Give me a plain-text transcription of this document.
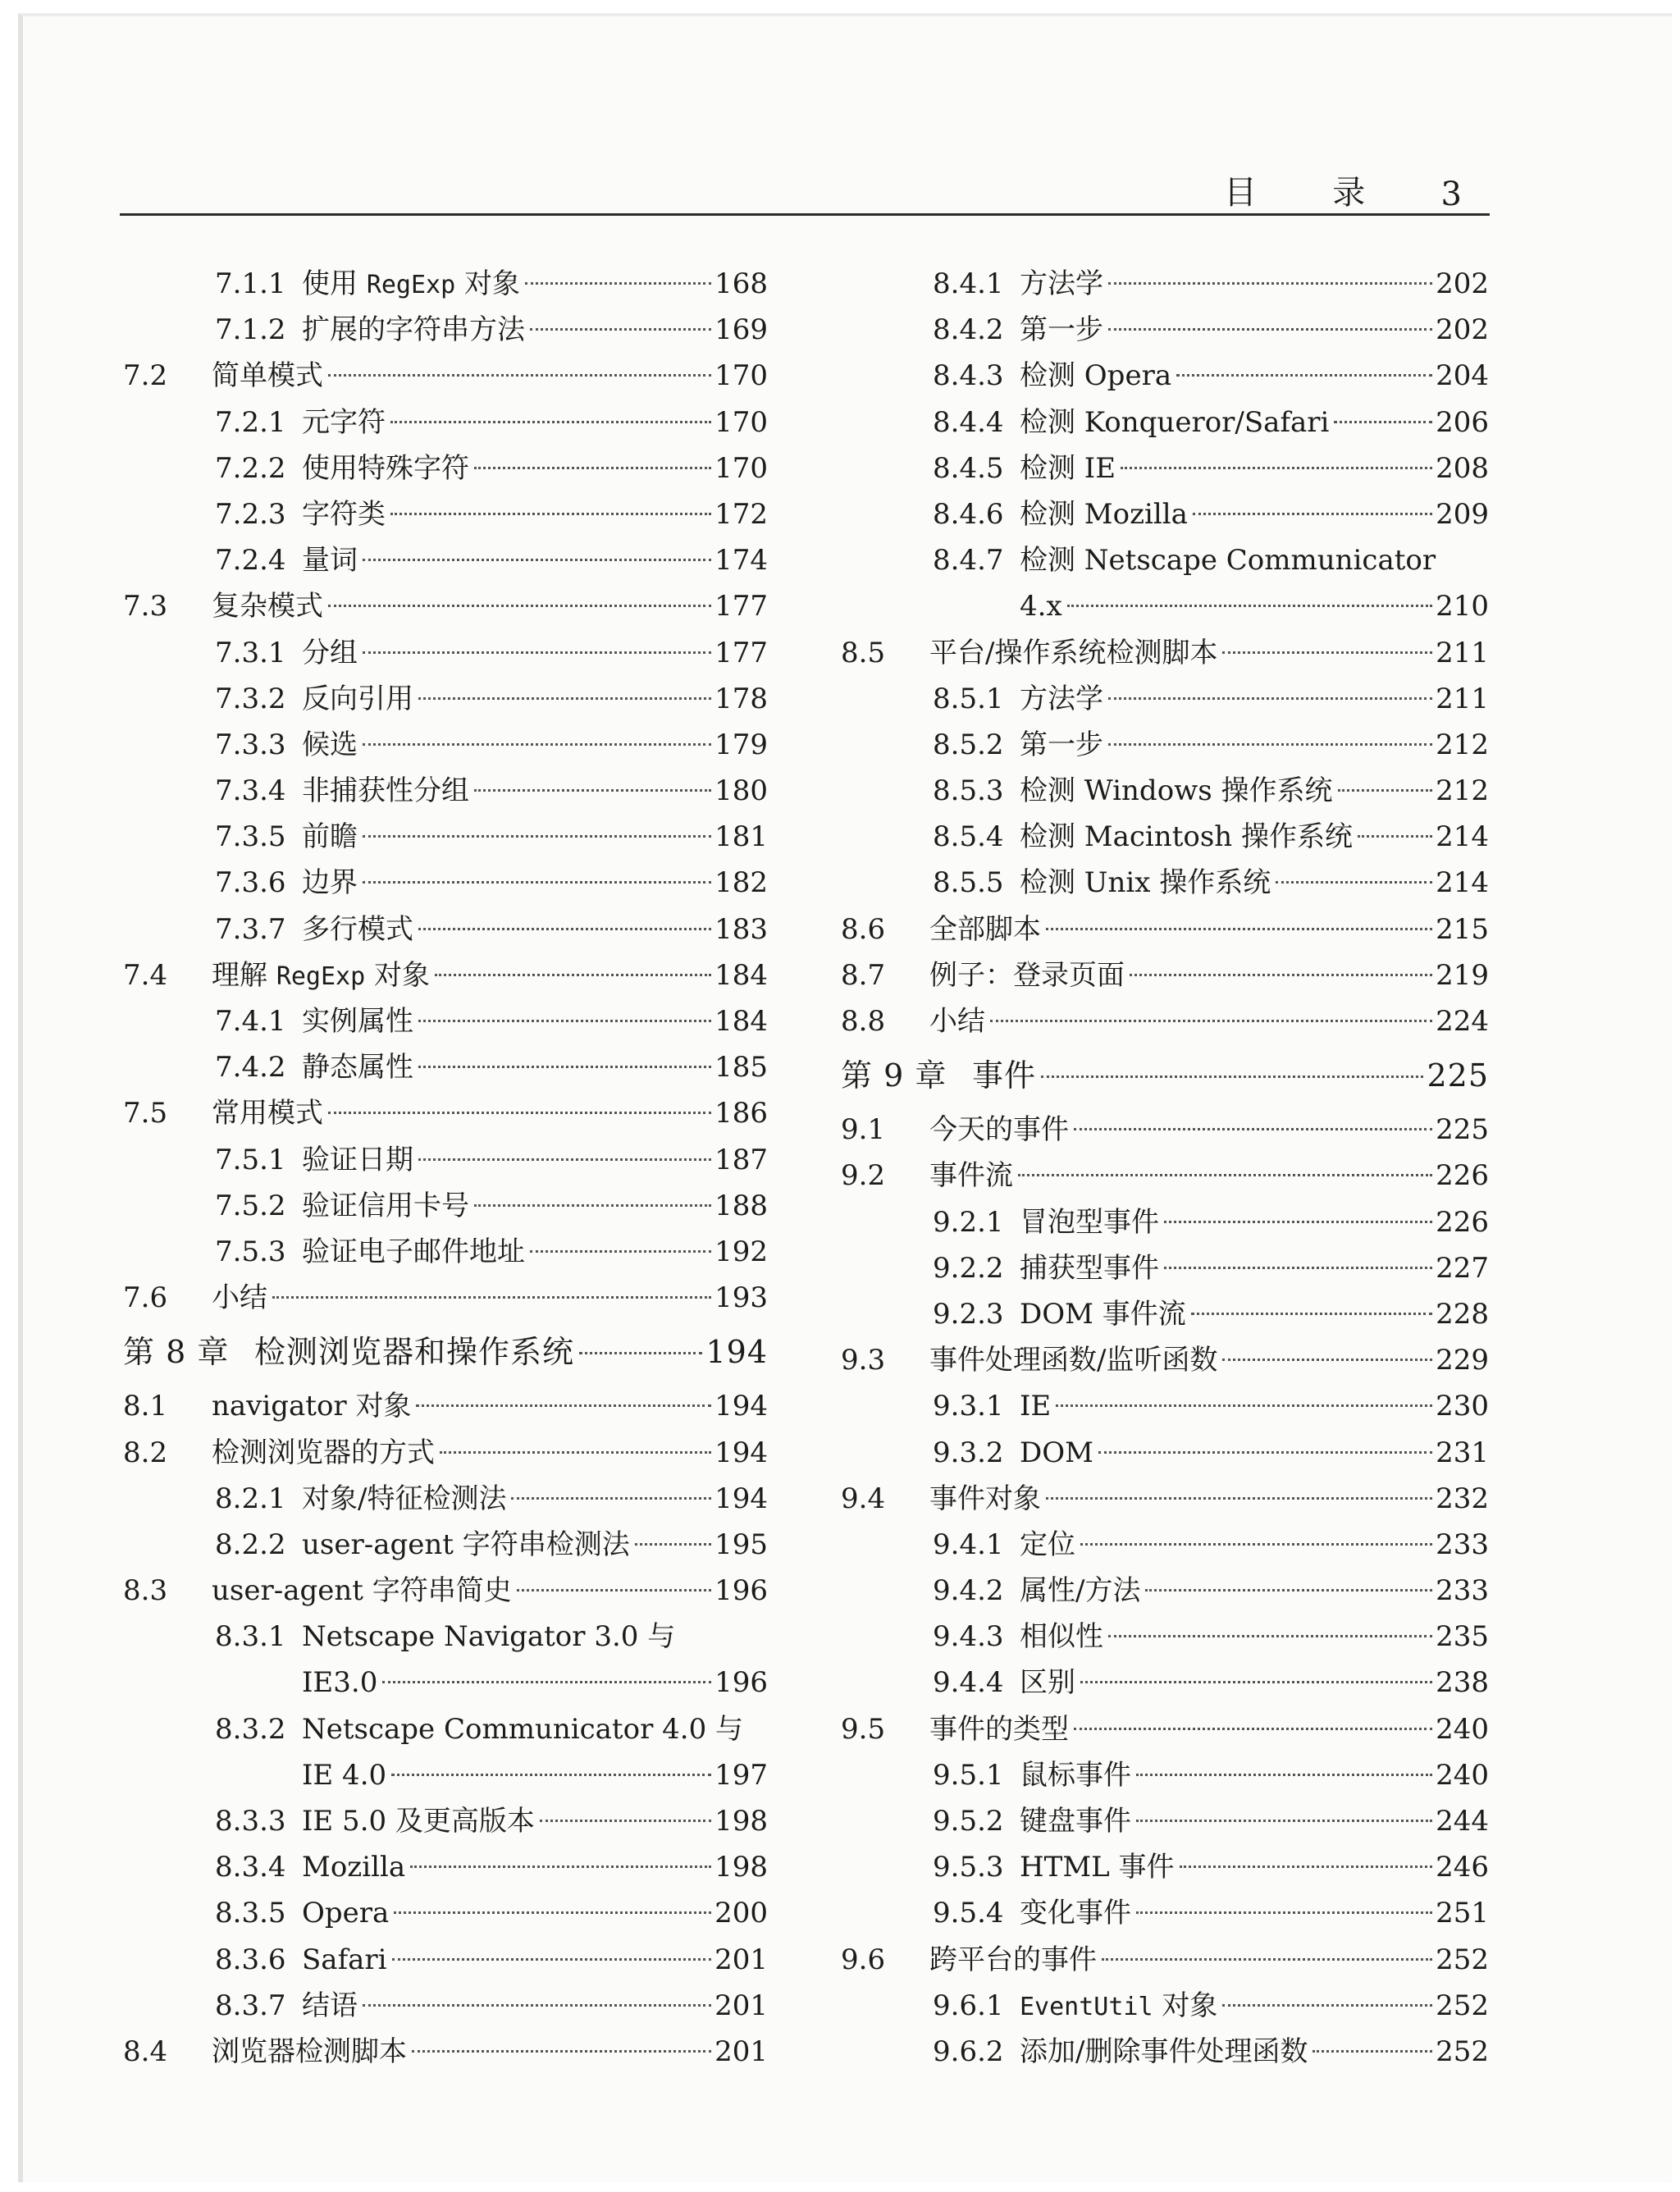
目 录 3
7.1.1 使用 RegExp 对象	168
7.1.2 扩展的字符串方法	169
7.2	简单模式	170
7.2.1 元字符	170
7.2.2 使用特殊字符	170
7.2.3 字符类	172
7.2.4 量词	174
7.3	复杂模式	177
7.3.1 分组	177
7.3.2 反向引用	178
7.3.3 候选	179
7.3.4 非捕获性分组	180
7.3.5 前瞻	181
7.3.6 边界	182
7.3.7 多行模式	183
7.4	理解 RegExp 对象	184
7.4.1 实例属性	184
7.4.2 静态属性	185
7.5	常用模式	186
7.5.1 验证日期	187
7.5.2 验证信用卡号	188
7.5.3 验证电子邮件地址	192
7.6	小结	193
第 8 章 检测浏览器和操作系统	194
8.1	navigator 对象	194
8.2	检测浏览器的方式	194
8.2.1 对象/特征检测法	194
8.2.2 user-agent 字符串检测法	195
8.3	user-agent 字符串简史	196
8.3.1 Netscape Navigator 3.0 与
IE3.0	196
8.3.2 Netscape Communicator 4.0 与
IE 4.0	197
8.3.3 IE 5.0 及更高版本	198
8.3.4 Mozilla	198
8.3.5 Opera	200
8.3.6 Safari	201
8.3.7 结语	201
8.4	浏览器检测脚本	201
8.4.1 方法学	202
8.4.2 第一步	202
8.4.3 检测 Opera	204
8.4.4 检测 Konqueror/Safari	206
8.4.5 检测 IE	208
8.4.6 检测 Mozilla	209
8.4.7 检测 Netscape Communicator
4.x	210
8.5	平台/操作系统检测脚本	211
8.5.1 方法学	211
8.5.2 第一步	212
8.5.3 检测 Windows 操作系统	212
8.5.4 检测 Macintosh 操作系统	214
8.5.5 检测 Unix 操作系统	214
8.6	全部脚本	215
8.7	例子：登录页面	219
8.8	小结	224
第 9 章 事件	225
9.1	今天的事件	225
9.2	事件流	226
9.2.1 冒泡型事件	226
9.2.2 捕获型事件	227
9.2.3 DOM 事件流	228
9.3	事件处理函数/监听函数	229
9.3.1 IE	230
9.3.2 DOM	231
9.4	事件对象	232
9.4.1 定位	233
9.4.2 属性/方法	233
9.4.3 相似性	235
9.4.4 区别	238
9.5	事件的类型	240
9.5.1 鼠标事件	240
9.5.2 键盘事件	244
9.5.3 HTML 事件	246
9.5.4 变化事件	251
9.6	跨平台的事件	252
9.6.1 EventUtil 对象	252
9.6.2 添加/删除事件处理函数	252
